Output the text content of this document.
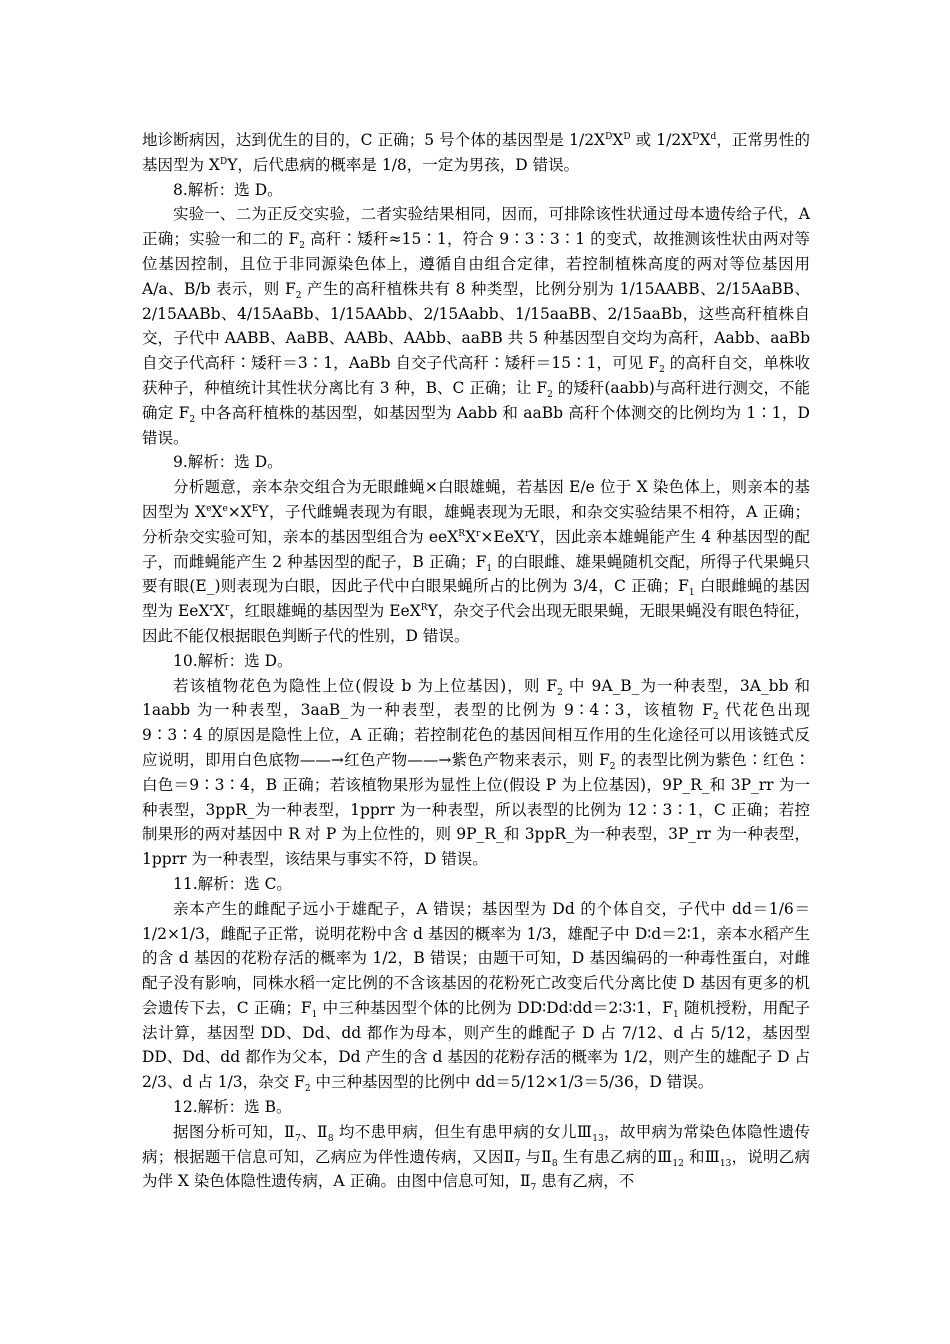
地诊断病因，达到优生的目的，C 正确；5 号个体的基因型是 $1/2X^DX^D$ 或 $1/2X^DX^d$，正常男性的基因型为 $X^DY$，后代患病的概率是 1/8，一定为男孩，D 错误。

8.解析：选 D。

实验一、二为正反交实验，二者实验结果相同，因而，可排除该性状通过母本遗传给子代，A 正确；实验一和二的 $F_2$ 高秆∶矮秆≈15∶1，符合 9∶3∶3∶1 的变式，故推测该性状由两对等位基因控制，且位于非同源染色体上，遵循自由组合定律，若控制植株高度的两对等位基因用 A/a、B/b 表示，则 $F_2$ 产生的高秆植株共有 8 种类型，比例分别为 1/15AABB、2/15AaBB、2/15AABb、4/15AaBb、1/15AAbb、2/15Aabb、1/15aaBB、2/15aaBb，这些高秆植株自交，子代中 AABB、AaBB、AABb、AAbb、aaBB 共 5 种基因型自交均为高秆，Aabb、aaBb 自交子代高秆∶矮秆＝3∶1，AaBb 自交子代高秆∶矮秆＝15∶1，可见 $F_2$ 的高秆自交，单株收获种子，种植统计其性状分离比有 3 种，B、C 正确；让 $F_2$ 的矮秆(aabb)与高秆进行测交，不能确定 $F_2$ 中各高秆植株的基因型，如基因型为 Aabb 和 aaBb 高秆个体测交的比例均为 1∶1，D 错误。

9.解析：选 D。

分析题意，亲本杂交组合为无眼雌蝇×白眼雄蝇，若基因 E/e 位于 X 染色体上，则亲本的基因型为 $X^eX^e\times X^EY$，子代雌蝇表现为有眼，雄蝇表现为无眼，和杂交实验结果不相符，A 正确；分析杂交实验可知，亲本的基因型组合为 $eeX^RX^r\times EeX^rY$，因此亲本雄蝇能产生 4 种基因型的配子，而雌蝇能产生 2 种基因型的配子，B 正确；$F_1$ 的白眼雌、雄果蝇随机交配，所得子代果蝇只要有眼(E_)则表现为白眼，因此子代中白眼果蝇所占的比例为 3/4，C 正确；$F_1$ 白眼雌蝇的基因型为 $EeX^rX^r$，红眼雄蝇的基因型为 EeX$^R$Y，杂交子代会出现无眼果蝇，无眼果蝇没有眼色特征，因此不能仅根据眼色判断子代的性别，D 错误。

10.解析：选 D。

若该植物花色为隐性上位(假设 b 为上位基因)，则 $F_2$ 中 9A_B_为一种表型，3A_bb 和 1aabb 为一种表型，3aaB_为一种表型，表型的比例为 9∶4∶3，该植物 $F_2$ 代花色出现 9∶3∶4 的原因是隐性上位，A 正确；若控制花色的基因间相互作用的生化途径可以用该链式反应说明，即用白色底物——→红色产物——→紫色产物来表示，则 $F_2$ 的表型比例为紫色∶红色∶白色＝9∶3∶4，B 正确；若该植物果形为显性上位(假设 P 为上位基因)，9P_R_和 3P_rr 为一种表型，3ppR_为一种表型，1pprr 为一种表型，所以表型的比例为 12∶3∶1，C 正确；若控制果形的两对基因中 R 对 P 为上位性的，则 9P_R_和 3ppR_为一种表型，3P_rr 为一种表型，1pprr 为一种表型，该结果与事实不符，D 错误。

11.解析：选 C。

亲本产生的雌配子远小于雄配子，A 错误；基因型为 Dd 的个体自交，子代中 dd＝1/6＝1/2×1/3，雌配子正常，说明花粉中含 d 基因的概率为 1/3，雄配子中 D∶d＝2∶1，亲本水稻产生的含 d 基因的花粉存活的概率为 1/2，B 错误；由题干可知，D 基因编码的一种毒性蛋白，对雌配子没有影响，同株水稻一定比例的不含该基因的花粉死亡改变后代分离比使 D 基因有更多的机会遗传下去，C 正确；$F_1$ 中三种基因型个体的比例为 DD∶Dd∶dd＝2∶3∶1，$F_1$ 随机授粉，用配子法计算，基因型 DD、Dd、dd 都作为母本，则产生的雌配子 D 占 7/12、d 占 5/12，基因型 DD、Dd、dd 都作为父本，Dd 产生的含 d 基因的花粉存活的概率为 1/2，则产生的雄配子 D 占 2/3、d 占 1/3，杂交 $F_2$ 中三种基因型的比例中 dd＝5/12×1/3＝5/36，D 错误。

12.解析：选 B。

据图分析可知，$Ⅱ_7$、$Ⅱ_8$ 均不患甲病，但生有患甲病的女儿$Ⅲ_{13}$，故甲病为常染色体隐性遗传病；根据题干信息可知，乙病应为伴性遗传病，又因$Ⅱ_7$ 与$Ⅱ_8$ 生有患乙病的$Ⅲ_{12}$ 和$Ⅲ_{13}$，说明乙病为伴 X 染色体隐性遗传病，A 正确。由图中信息可知，$Ⅱ_7$ 患有乙病，不
